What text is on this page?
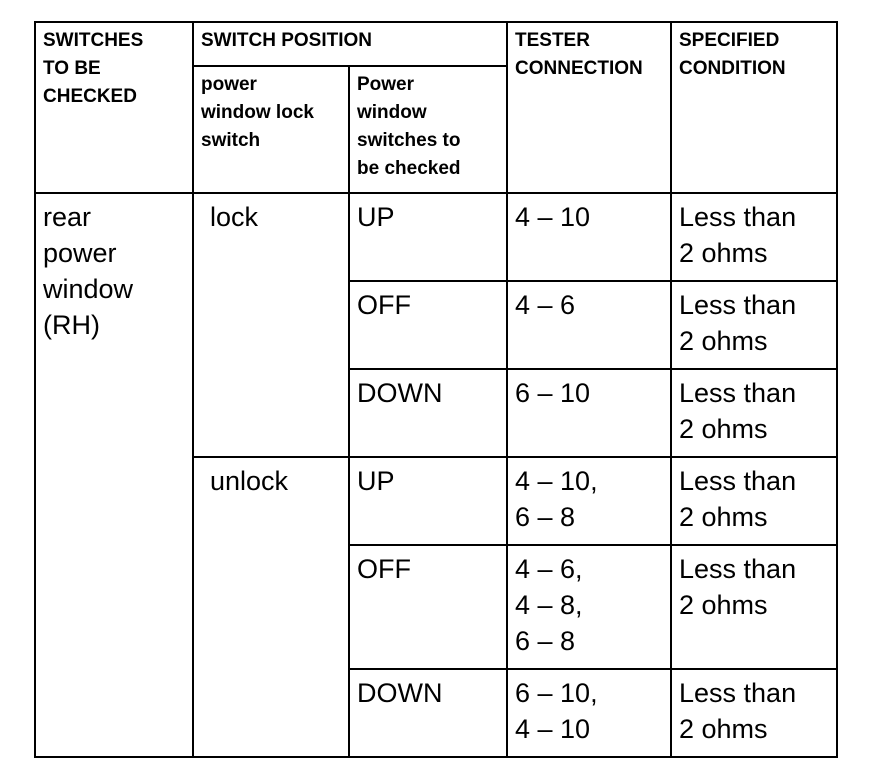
SWITCHES
TO BE
CHECKED	SWITCH POSITION		TESTER
CONNECTION	SPECIFIED
CONDITION

	power
window lock
switch	Power
window
switches to
be checked		

rear
power
window
(RH)	lock	UP	4 – 10	Less than
2 ohms

		OFF	4 – 6	Less than
2 ohms

		DOWN	6 – 10	Less than
2 ohms

	unlock	UP	4 – 10,
6 – 8	Less than
2 ohms

		OFF	4 – 6,
4 – 8,
6 – 8	Less than
2 ohms

		DOWN	6 – 10,
4 – 10	Less than
2 ohms
